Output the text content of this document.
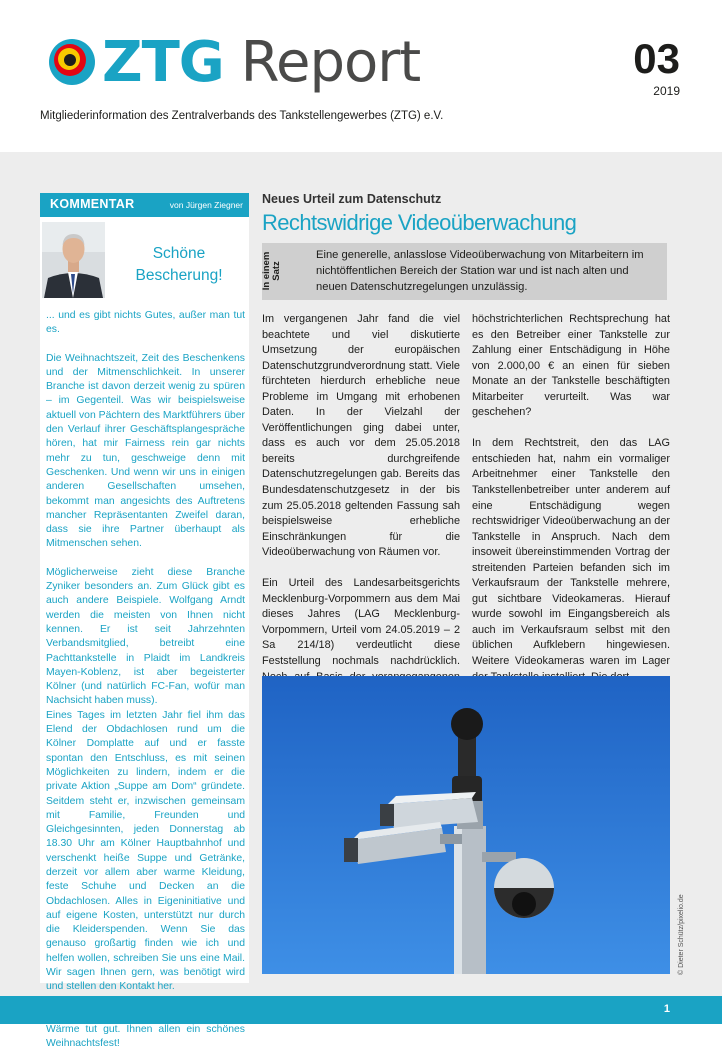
ZTG Report	03
2019
Mitgliederinformation des Zentralverbands des Tankstellengewerbes (ZTG) e.V.
KOMMENTAR	von Jürgen Ziegner
Schöne
Bescherung!

... und es gibt nichts Gutes, außer man tut es.

Die Weihnachtszeit, Zeit des Beschenkens und der Mitmenschlichkeit. In unserer Branche ist davon derzeit wenig zu spüren – im Gegenteil. Was wir beispielsweise aktuell von Pächtern des Marktführers über den Verlauf ihrer Geschäftsplangespräche hören, hat mir Fairness rein gar nichts mehr zu tun, geschweige denn mit Geschenken. Und wenn wir uns in einigen anderen Gesellschaften umsehen, bekommt man angesichts des Auftretens mancher Repräsentanten Zweifel daran, dass sie ihre Partner überhaupt als Mitmenschen sehen.

Möglicherweise zieht diese Branche Zyniker besonders an. Zum Glück gibt es auch andere Beispiele. Wolfgang Arndt werden die meisten von Ihnen nicht kennen. Er ist seit Jahrzehnten Verbandsmitglied, betreibt eine Pachttankstelle in Plaidt im Landkreis Mayen-Koblenz, ist aber begeisterter Kölner (und natürlich FC-Fan, wofür man Nachsicht haben muss).

Eines Tages im letzten Jahr fiel ihm das Elend der Obdachlosen rund um die Kölner Domplatte auf und er fasste spontan den Entschluss, es mit seinen Möglichkeiten zu lindern, indem er die private Aktion „Suppe am Dom“ gründete. Seitdem steht er, inzwischen gemeinsam mit Familie, Freunden und Gleichgesinnten, jeden Donnerstag ab 18.30 Uhr am Kölner Hauptbahnhof und verschenkt heiße Suppe und Getränke, derzeit vor allem aber warme Kleidung, feste Schuhe und Decken an die Obdachlosen. Alles in Eigeninitiative und auf eigene Kosten, unterstützt nur durch die Kleiderspenden. Wenn Sie das genauso großartig finden wie ich und helfen wollen, schreiben Sie uns eine Mail. Wir sagen Ihnen gern, was benötigt wird und stellen den Kontakt her.

Wärme tut gut. Ihnen allen ein schönes Weihnachtsfest!

Neues Urteil zum Datenschutz
Rechtswidrige Videoüberwachung
In einem Satz
Eine generelle, anlasslose Videoüberwachung von Mitarbeitern im nichtöffentlichen Bereich der Station war und ist nach alten und neuen Datenschutzregelungen unzulässig.

Im vergangenen Jahr fand die viel beachtete und viel diskutierte Umsetzung der europäischen Datenschutzgrundverordnung statt. Viele fürchteten hierdurch erhebliche neue Probleme im Umgang mit erhobenen Daten. In der Vielzahl der Veröffentlichungen ging dabei unter, dass es auch vor dem 25.05.2018 bereits durchgreifende Datenschutzregelungen gab. Bereits das Bundesdatenschutzgesetz in der bis zum 25.05.2018 geltenden Fassung sah beispielsweise erhebliche Einschränkungen für die Videoüberwachung von Räumen vor.

Ein Urteil des Landesarbeitsgerichts Mecklenburg-Vorpommern aus dem Mai dieses Jahres (LAG Mecklenburg-Vorpommern, Urteil vom 24.05.2019 – 2 Sa 214/18) verdeutlicht diese Feststellung nochmals nachdrücklich.

höchstrichterlichen Rechtsprechung hat es den Betreiber einer Tankstelle zur Zahlung einer Entschädigung in Höhe von 2.000,00 € an einen für sieben Monate an der Tankstelle beschäftigten Mitarbeiter verurteilt. Was war geschehen?

In dem Rechtstreit, den das LAG entschieden hat, nahm ein vormaliger Arbeitnehmer einer Tankstelle den Tankstellenbetreiber unter anderem auf eine Entschädigung wegen rechtswidriger Videoüberwachung an der Tankstelle in Anspruch. Nach dem insoweit übereinstimmenden Vortrag der streitenden Parteien befanden sich im Verkaufsraum der Tankstelle mehrere, gut sichtbare Videokameras. Hierauf wurde sowohl im Eingangsbereich als auch im Verkaufsraum selbst mit den üblichen Aufklebern hingewiesen. Weitere Videokameras waren im Lager

© Dieter Schütz/pixelio.de
1
